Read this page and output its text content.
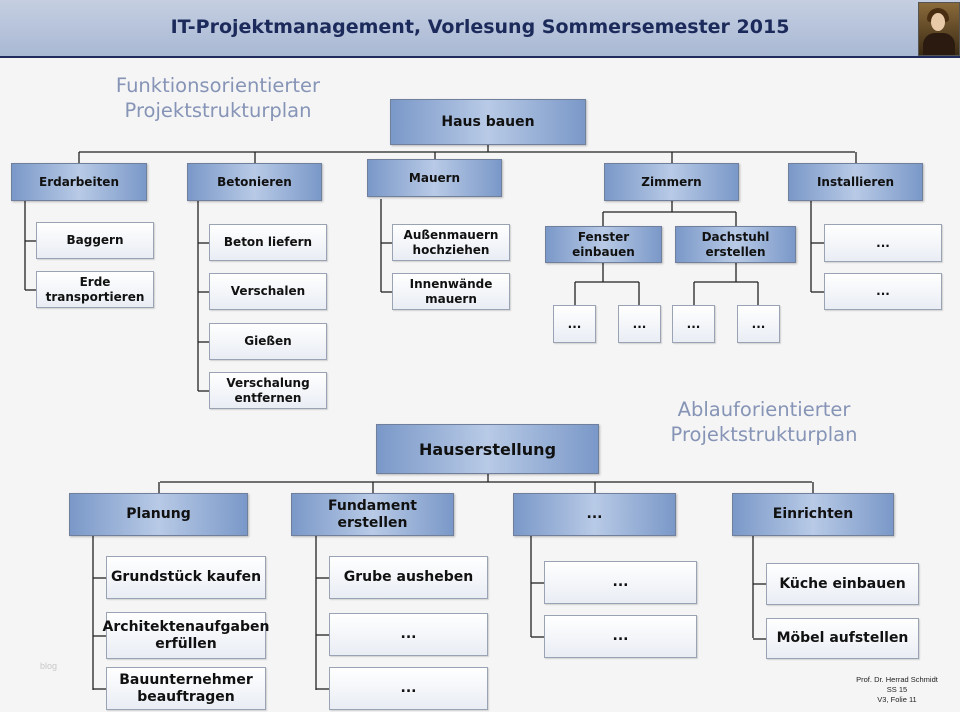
IT-Projektmanagement, Vorlesung Sommersemester 2015
Funktionsorientierter
Projektstrukturplan
Ablauforientierter
Projektstrukturplan
Haus bauen
Erdarbeiten	Betonieren	Mauern	Zimmern	Installieren
Baggern
Erde
transportieren
Beton liefern
Verschalen
Gießen
Verschalung
entfernen
Außenmauern
hochziehen
Innenwände
mauern
Fenster einbauen
Dachstuhl
erstellen
...	...	...	...
...
...
Hauserstellung
Planung
Fundament erstellen
...	Einrichten
Grundstück kaufen
Architektenaufgaben
erfüllen
Bauunternehmer
beauftragen
Grube ausheben
...
...
...
...
Küche einbauen
Möbel aufstellen
blog
Prof. Dr. Herrad Schmidt
SS 15
V3, Folie 11
